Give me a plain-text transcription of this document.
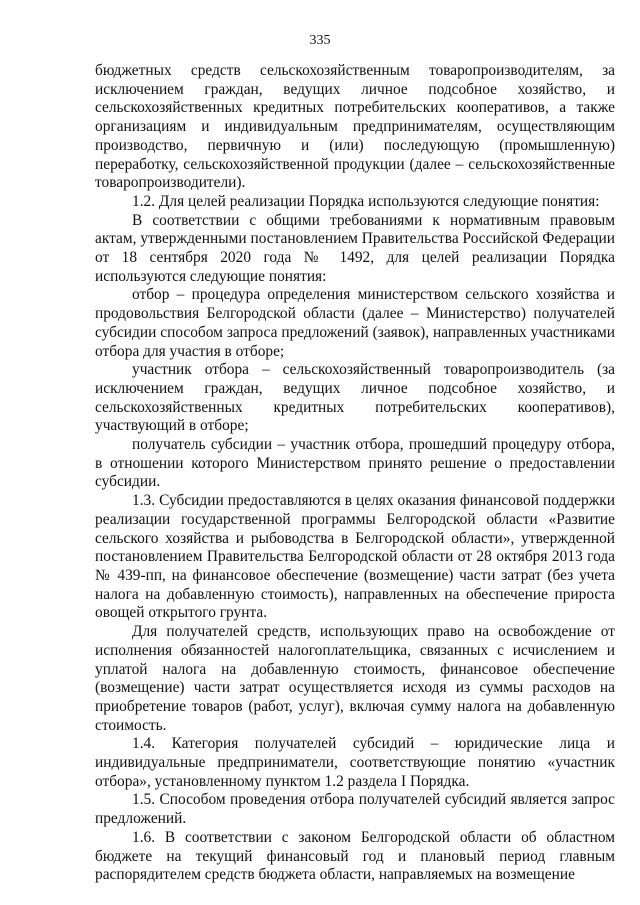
335

бюджетных средств сельскохозяйственным товаропроизводителям, за исключением граждан, ведущих личное подсобное хозяйство, и сельскохозяйственных кредитных потребительских кооперативов, а также организациям и индивидуальным предпринимателям, осуществляющим производство, первичную и (или) последующую (промышленную) переработку, сельскохозяйственной продукции (далее – сельскохозяйственные товаропроизводители).

1.2. Для целей реализации Порядка используются следующие понятия:

В соответствии с общими требованиями к нормативным правовым актам, утвержденными постановлением Правительства Российской Федерации от 18 сентября 2020 года № 1492, для целей реализации Порядка используются следующие понятия:

отбор – процедура определения министерством сельского хозяйства и продовольствия Белгородской области (далее – Министерство) получателей субсидии способом запроса предложений (заявок), направленных участниками отбора для участия в отборе;

участник отбора – сельскохозяйственный товаропроизводитель (за исключением граждан, ведущих личное подсобное хозяйство, и сельскохозяйственных кредитных потребительских кооперативов), участвующий в отборе;

получатель субсидии – участник отбора, прошедший процедуру отбора, в отношении которого Министерством принято решение о предоставлении субсидии.

1.3. Субсидии предоставляются в целях оказания финансовой поддержки реализации государственной программы Белгородской области «Развитие сельского хозяйства и рыбоводства в Белгородской области», утвержденной постановлением Правительства Белгородской области от 28 октября 2013 года № 439-пп, на финансовое обеспечение (возмещение) части затрат (без учета налога на добавленную стоимость), направленных на обеспечение прироста овощей открытого грунта.

Для получателей средств, использующих право на освобождение от исполнения обязанностей налогоплательщика, связанных с исчислением и уплатой налога на добавленную стоимость, финансовое обеспечение (возмещение) части затрат осуществляется исходя из суммы расходов на приобретение товаров (работ, услуг), включая сумму налога на добавленную стоимость.

1.4. Категория получателей субсидий – юридические лица и индивидуальные предприниматели, соответствующие понятию «участник отбора», установленному пунктом 1.2 раздела I Порядка.

1.5. Способом проведения отбора получателей субсидий является запрос предложений.

1.6. В соответствии с законом Белгородской области об областном бюджете на текущий финансовый год и плановый период главным распорядителем средств бюджета области, направляемых на возмещение
